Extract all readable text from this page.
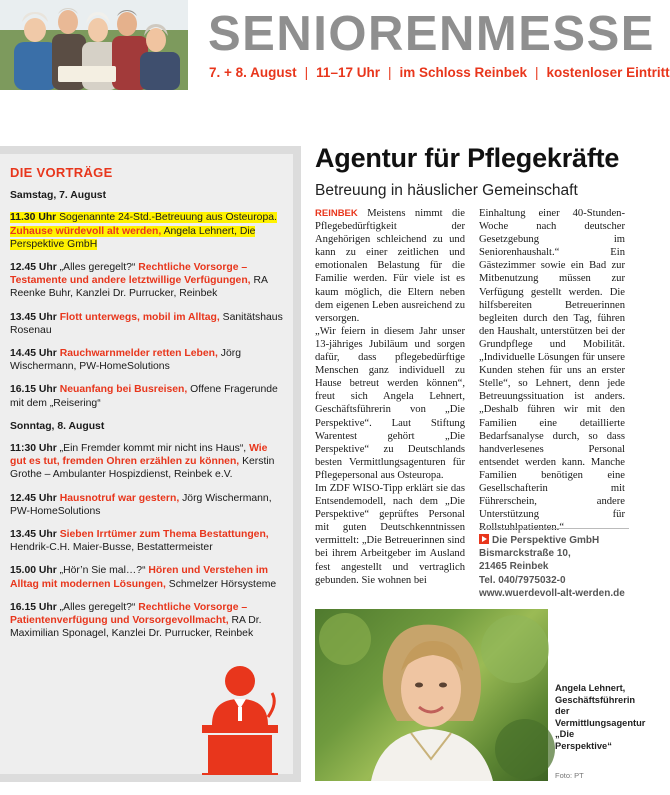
SENIORENMESSE
7. + 8. August | 11–17 Uhr | im Schloss Reinbek | kostenloser Eintritt
DIE VORTRÄGE
Samstag, 7. August
11.30 Uhr Sogenannte 24-Std.-Betreuung aus Osteuropa. Zuhause würdevoll alt werden, Angela Lehnert, Die Perspektive GmbH
12.45 Uhr „Alles geregelt?“ Rechtliche Vorsorge – Testamente und andere letztwillige Verfügungen, RA Reenke Buhr, Kanzlei Dr. Purrucker, Reinbek
13.45 Uhr Flott unterwegs, mobil im Alltag, Sanitätshaus Rosenau
14.45 Uhr Rauchwarnmelder retten Leben, Jörg Wischermann, PW-HomeSolutions
16.15 Uhr Neuanfang bei Busreisen, Offene Fragerunde mit dem „Reisering“
Sonntag, 8. August
11:30 Uhr „Ein Fremder kommt mir nicht ins Haus“, Wie gut es tut, fremden Ohren erzählen zu können, Kerstin Grothe – Ambulanter Hospizdienst, Reinbek e.V.
12.45 Uhr Hausnotruf war gestern, Jörg Wischermann, PW-HomeSolutions
13.45 Uhr Sieben Irrtümer zum Thema Bestattungen, Hendrik-C.H. Maier-Busse, Bestattermeister
15.00 Uhr „Hör’n Sie mal…?“ Hören und Verstehen im Alltag mit modernen Lösungen, Schmelzer Hörsysteme
16.15 Uhr „Alles geregelt?“ Rechtliche Vorsorge – Patientenverfügung und Vorsorgevollmacht, RA Dr. Maximilian Sponagel, Kanzlei Dr. Purrucker, Reinbek
Agentur für Pflegekräfte
Betreuung in häuslicher Gemeinschaft

REINBEK Meistens nimmt die Pflegebedürftigkeit der Angehörigen schleichend zu und kann zu einer zeitlichen und emotionalen Belastung für die Familie werden. Für viele ist es kaum möglich, die Eltern neben dem eigenen Leben ausreichend zu versorgen.

„Wir feiern in diesem Jahr unser 13-jähriges Jubiläum und sorgen dafür, dass pflegebedürftige Menschen ganz individuell zu Hause betreut werden können“, freut sich Angela Lehnert, Geschäftsführerin von „Die Perspektive“. Laut Stiftung Warentest gehört „Die Perspektive“ zu Deutschlands besten Vermittlungsagenturen für Pflegepersonal aus Osteuropa.

Im ZDF WISO-Tipp erklärt sie das Entsendemodell, nach dem „Die Perspektive“ geprüftes Personal mit guten Deutschkenntnissen vermittelt: „Die Betreuerinnen sind bei ihrem Arbeitgeber im Ausland fest angestellt und vertraglich gebunden. Sie wohnen bei

Einhaltung einer 40-Stunden-Woche nach deutscher Gesetzgebung im Seniorenhaushalt.“ Ein Gästezimmer sowie ein Bad zur Mitbenutzung müssen zur Verfügung gestellt werden. Die hilfsbereiten Betreuerinnen begleiten durch den Tag, führen den Haushalt, unterstützen bei der Grundpflege und Mobilität. „Individuelle Lösungen für unsere Kunden stehen für uns an erster Stelle“, so Lehnert, denn jede Betreuungssituation ist anders. „Deshalb führen wir mit den Familien eine detaillierte Bedarfsanalyse durch, so dass handverlesenes Personal entsendet werden kann. Manche Familien benötigen eine Gesellschafterin mit Führerschein, andere Unterstützung für Rollstuhlpatienten.“

Die Perspektive GmbH
Bismarckstraße 10,
21465 Reinbek
Tel. 040/7975032-0
www.wuerdevoll-alt-werden.de
Angela Lehnert, Geschäftsführerin der Vermittlungsagentur „Die Perspektive“
Foto: PT
